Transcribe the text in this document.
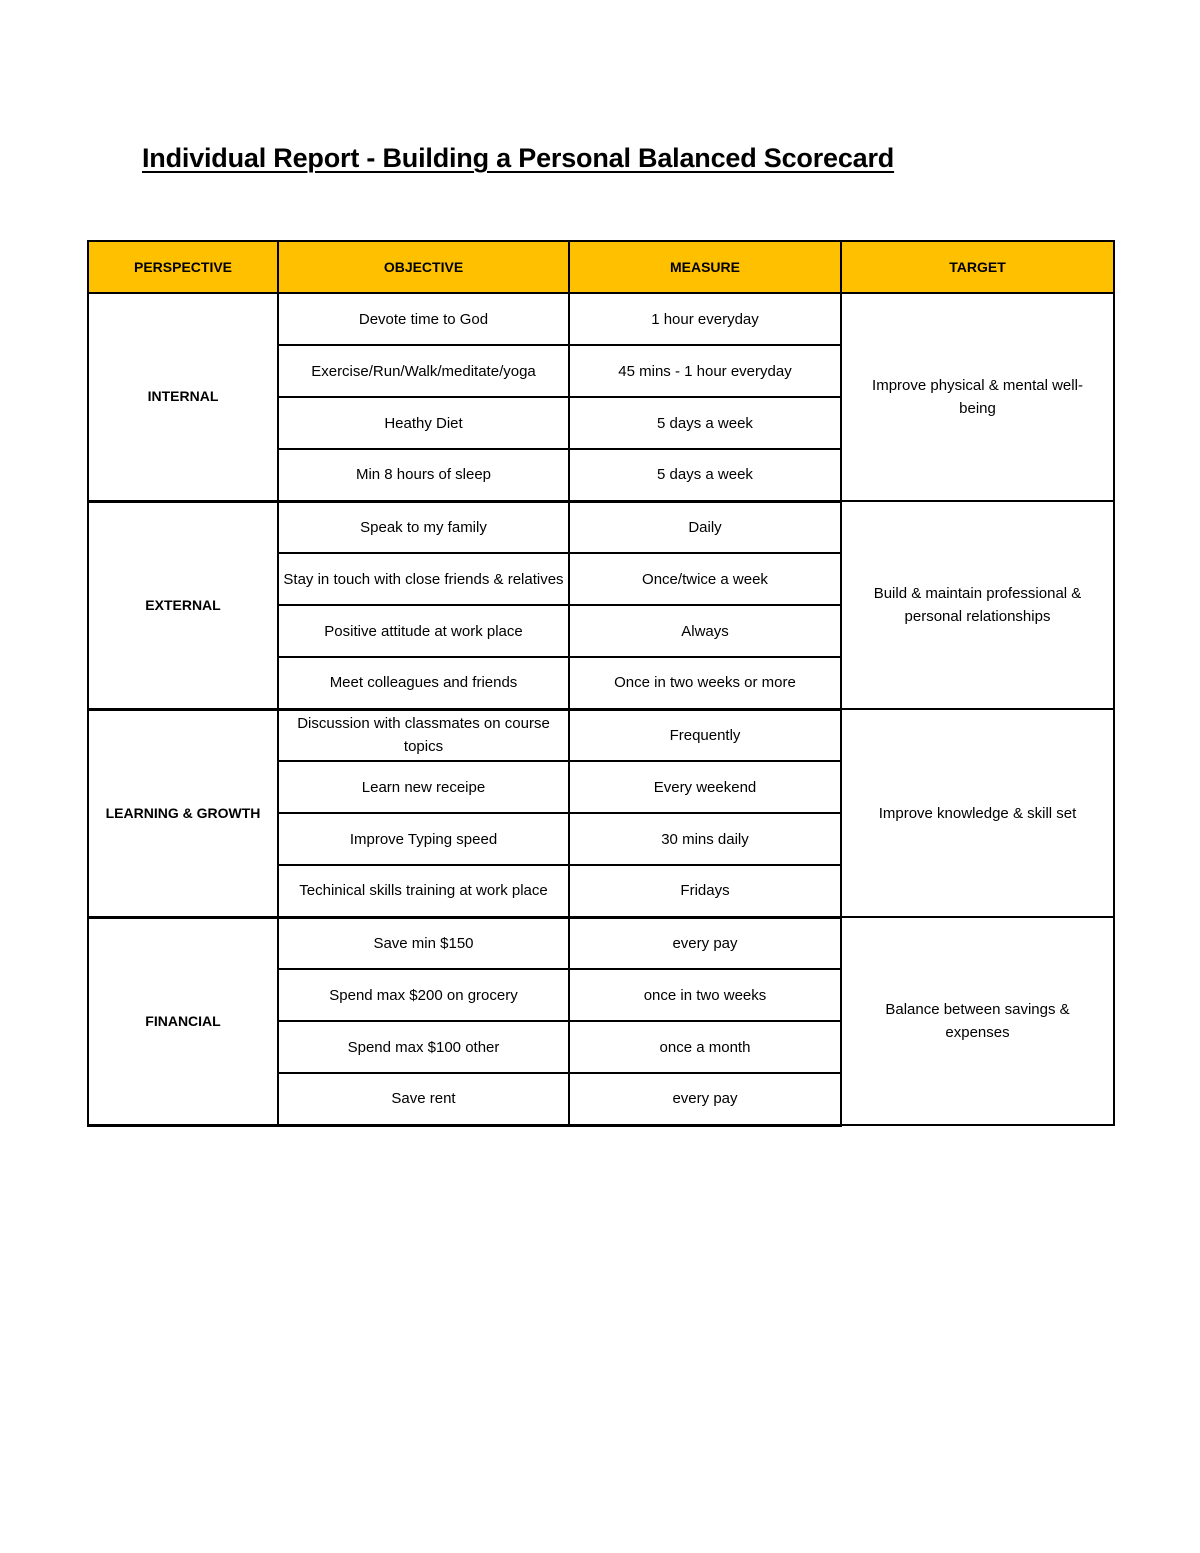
Individual Report - Building a Personal Balanced Scorecard
PERSPECTIVE	OBJECTIVE	MEASURE	TARGET
INTERNAL	Devote time to God	1 hour everyday	Improve physical & mental well-being
	Exercise/Run/Walk/meditate/yoga	45 mins - 1 hour everyday	
	Heathy Diet	5 days a week	
	Min 8 hours of sleep	5 days a week	
EXTERNAL	Speak to my family	Daily	Build & maintain professional & personal relationships
	Stay in touch with close friends & relatives	Once/twice a week	
	Positive attitude at work place	Always	
	Meet colleagues and friends	Once in two weeks or more	
LEARNING & GROWTH	Discussion with classmates on course topics	Frequently	Improve knowledge & skill set
	Learn new receipe	Every weekend	
	Improve Typing speed	30 mins daily	
	Techinical skills training at work place	Fridays	
FINANCIAL	Save min $150	every pay	Balance between savings & expenses
	Spend max $200 on grocery	once in two weeks	
	Spend max $100 other	once a month	
	Save rent	every pay	
